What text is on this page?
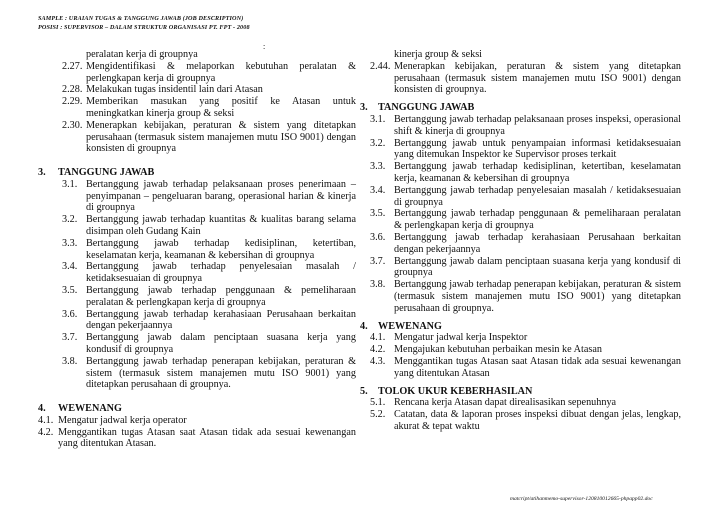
SAMPLE : URAIAN TUGAS & TANGGUNG JAWAB (JOB DESCRIPTION)
POSISI : SUPERVISOR – DALAM STRUKTUR ORGANISASI PT. FPT - 2008
:

peralatan kerja di groupnya

2.27. Mengidentifikasi & melaporkan kebutuhan peralatan & perlengkapan kerja di groupnya

2.28. Melakukan tugas insidentil lain dari Atasan

2.29. Memberikan masukan yang positif ke Atasan untuk meningkatkan kinerja group & seksi

2.30. Menerapkan kebijakan, peraturan & sistem yang ditetapkan perusahaan (termasuk sistem manajemen mutu ISO 9001) dengan konsisten di groupnya

3. TANGGUNG JAWAB

3.1. Bertanggung jawab terhadap pelaksanaan proses penerimaan – penyimpanan – pengeluaran barang, operasional harian & kinerja di groupnya

3.2. Bertanggung jawab terhadap kuantitas & kualitas barang selama disimpan oleh Gudang Kain

3.3. Bertanggung jawab terhadap kedisiplinan, ketertiban, keselamatan kerja, keamanan & kebersihan di groupnya

3.4. Bertanggung jawab terhadap penyelesaian masalah / ketidaksesuaian di groupnya

3.5. Bertanggung jawab terhadap penggunaan & pemeliharaan peralatan & perlengkapan kerja di groupnya

3.6. Bertanggung jawab terhadap kerahasiaan Perusahaan berkaitan dengan pekerjaannya

3.7. Bertanggung jawab dalam penciptaan suasana kerja yang kondusif di groupnya

3.8. Bertanggung jawab terhadap penerapan kebijakan, peraturan & sistem (termasuk sistem manajemen mutu ISO 9001) yang ditetapkan perusahaan di groupnya.

4. WEWENANG

4.1. Mengatur jadwal kerja operator

4.2. Menggantikan tugas Atasan saat Atasan tidak ada sesuai kewenangan yang ditentukan Atasan.

kinerja group & seksi

2.44. Menerapkan kebijakan, peraturan & sistem yang ditetapkan perusahaan (termasuk sistem manajemen mutu ISO 9001) dengan konsisten di groupnya.

3. TANGGUNG JAWAB

3.1. Bertanggung jawab terhadap pelaksanaan proses inspeksi, operasional shift & kinerja di groupnya

3.2. Bertanggung jawab untuk penyampaian informasi ketidaksesuaian yang ditemukan Inspektor ke Supervisor proses terkait

3.3. Bertanggung jawab terhadap kedisiplinan, ketertiban, keselamatan kerja, keamanan & kebersihan di groupnya

3.4. Bertanggung jawab terhadap penyelesaian masalah / ketidaksesuaian di groupnya

3.5. Bertanggung jawab terhadap penggunaan & pemeliharaan peralatan & perlengkapan kerja di groupnya

3.6. Bertanggung jawab terhadap kerahasiaan Perusahaan berkaitan dengan pekerjaannya

3.7. Bertanggung jawab dalam penciptaan suasana kerja yang kondusif di groupnya

3.8. Bertanggung jawab terhadap penerapan kebijakan, peraturan & sistem (termasuk sistem manajemen mutu ISO 9001) yang ditetapkan perusahaan di groupnya.

4. WEWENANG

4.1. Mengatur jadwal kerja Inspektor

4.2. Mengajukan kebutuhan perbaikan mesin ke Atasan

4.3. Menggantikan tugas Atasan saat Atasan tidak ada sesuai kewenangan yang ditentukan Atasan

5. TOLOK UKUR KEBERHASILAN

5.1. Rencana kerja Atasan dapat direalisasikan sepenuhnya

5.2. Catatan, data & laporan proses inspeksi dibuat dengan jelas, lengkap, akurat & tepat waktu

matcript/atihanmemo-supervisor-120810012665-phpapp02.doc
